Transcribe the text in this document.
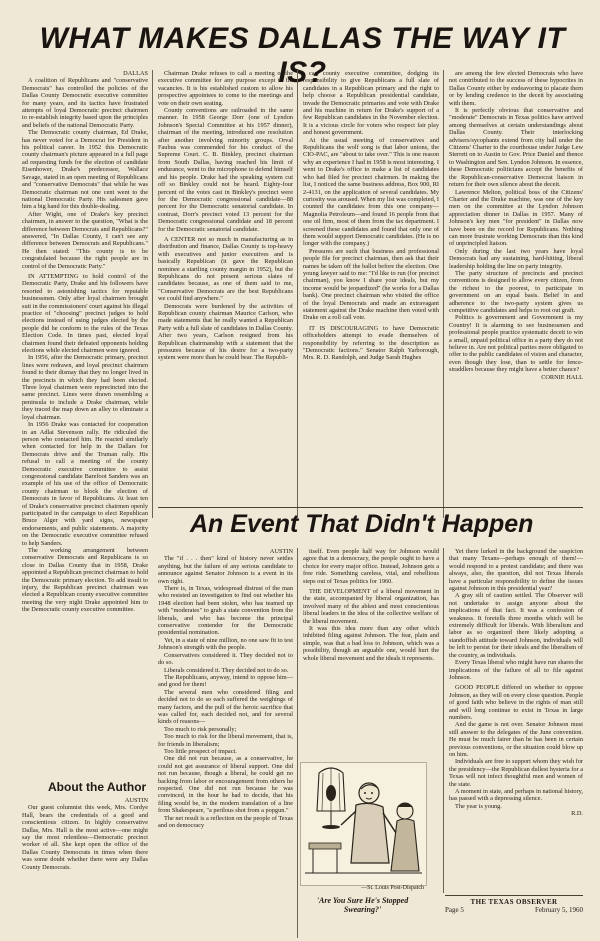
WHAT MAKES DALLAS THE WAY IT IS?

DALLAS

A coalition of Republicans and "conservative Democrats" has controlled the policies of the Dallas County Democratic executive committee for many years, and its tactics have frustrated attempts of loyal Democratic precinct chairmen to re-establish integrity based upon the principles and beliefs of the national Democratic Party.

The Democratic county chairman, Ed Drake, has never voted for a Democrat for President in his political career. In 1952 this Democratic county chairman's picture appeared in a full page ad requesting funds for the election of candidate Eisenhower, Drake's predecessor, Wallace Savage, stated in an open meeting of Republicans and "conservative Democrats" that while he was Democratic chairman not one cent went to the national Democratic Party. His salesmen gave him a big hand for this double-dealing.

After Wight, one of Drake's key precinct chairmen, in answer to the question, "What is the difference between Democrats and Republicans?" answered, "In Dallas County, I can't see any difference between Democrats and Republicans." He then stated: "This county is to be congratulated because the right people are in control of the Democratic Party."

IN ATTEMPTING to hold control of the Democratic Party, Drake and his followers have resorted to astonishing tactics for reputable businessmen. Only after loyal chairmen brought suit in the commissioners' court against his illegal practice of "choosing" precinct judges to hold elections instead of using judges elected by the people did he conform to the rules of the Texas Election Code. In times past, elected loyal chairmen found their defeated opponents holding elections while elected chairmen were ignored.

In 1956, after the Democratic primary, precinct lines were redrawn, and loyal precinct chairmen found to their dismay that they no longer lived in the precincts in which they had been elected. Three loyal chairmen were reprecincted into the same precinct. Lines were drawn resembling a peninsula to include a Drake chairman, while they traced the map down an alley to eliminate a loyal chairman.

In 1956 Drake was contacted for cooperation in an Adlai Stevenson rally. He ridiculed the person who contacted him. He reacted similarly when contacted for help in the Dallars for Democrats drive and the Truman rally. His refusal to call a meeting of the county Democratic executive committee to assist congressional candidate Barefoot Sanders was an example of his use of the office of Democratic county chairman to block the election of Democrats in favor of Republicans. At least ten of Drake's conservative precinct chairmen openly participated in the campaign to elect Republican Bruce Alger with yard signs, newspaper endorsements, and public statements. A majority on the Democratic executive committee refused to help Sanders.

The working arrangement between conservative Democrats and Republicans is so close in Dallas County that in 1958, Drake appointed a Republican precinct chairman to hold the Democratic primary election. To add insult to injury, the Republican precinct chairman was elected a Republican county executive committee meeting the very night Drake appointed him to the Democratic county executive committee.

Chairman Drake refuses to call a meeting of the executive committee for any purpose except to fill vacancies. It is his established custom to allow his prospective appointees to come to the meetings and vote on their own seating.

County conventions are railroaded in the same manner. In 1958 George Dorr (one of Lyndon Johnson's Special Committee at his 1957 dinner), chairman of the meeting, introduced one resolution after another involving minority groups. Orval Faubus was commended for his conduct of the Supreme Court. C. B. Binkley, precinct chairman from South Dallas, having reached his limit of endurance, went to the microphone to defend himself and his people. Drake had the speaking system cut off so Binkley could not be heard. Eighty-four percent of the votes cast in Binkley's precinct were for the Democratic congressional candidate—88 percent for the Democratic senatorial candidate. In contrast, Dorr's precinct voted 13 percent for the Democratic congressional candidate and 18 percent for the Democratic senatorial candidate.

A CENTER not so much in manufacturing as in distribution and finance, Dallas County is top-heavy with executives and junior executives and is basically Republican (it gave the Republican nominee a startling county margin in 1952), but the Republicans do not present serious slates of candidates because, as one of them said to me, "Conservative Democrats are the best Republicans we could find anywhere."

Democrats were burdened by the activities of Republican county chairman Maurice Carlson, who made statements that he really wanted a Republican Party with a full slate of candidates in Dallas County. After two years, Carlson resigned from his Republican chairmanship with a statement that the pressures because of his desire for a two-party system were more than he could bear. The Republi-

can county executive committee, dodging its responsibility to give Republicans a full slate of candidates in a Republican primary and the right to help choose a Republican presidential candidate, invade the Democratic primaries and vote with Drake and his machine in return for Drake's support of a few Republican candidates in the November election. It is a vicious circle for voters who respect fair play and honest government.

At the usual meeting of conservatives and Republicans the wolf song is that labor unions, the CIO-PAC, are "about to take over." This is one reason why an experience I had in 1958 is most interesting. I went to Drake's office to make a list of candidates who had filed for precinct chairmen. In making the list, I noticed the same business address, Box 900, RI 2-4131, on the application of several candidates. My curiosity was aroused. When my list was completed, I counted the candidates from this one company—Magnolia Petroleum—and found 16 people from that one oil firm, most of them from the tax department. I screened these candidates and found that only one of them would support Democratic candidates. (He is no longer with the company.)

Pressures are such that business and professional people file for precinct chairman, then ask that their names be taken off the ballot before the election. One young lawyer said to me: "I'd like to run (for precinct chairman), you know I share your ideals, but my income would be jeopardized" (he works for a Dallas bank). One precinct chairman who visited the office of the loyal Democrats and made an extravagant statement against the Drake machine then voted with Drake on a roll call vote.

IT IS DISCOURAGING to have Democratic officeholders attempt to evade themselves of responsibility by referring to the description as "Democratic factions." Senator Ralph Yarborough, Mrs. R. D. Randolph, and Judge Sarah Hughes

are among the few elected Democrats who have not contributed to the success of these hypocrites in Dallas County either by endeavoring to placate them or by lending credence to the deceit by associating with them.

It is perfectly obvious that conservative and "moderate" Democrats in Texas politics have arrived among themselves at certain understandings about Dallas County. Their interlocking advisers/sycophants extend from city hall under the Citizens' Charter to the courthouse under Judge Lew Sterrett on to Austin to Gov. Price Daniel and thence to Washington and Sen. Lyndon Johnson. In essence, these Democratic politicians accept the benefits of the Republican-conservative Democrat liaison in return for their own silence about the deceit.

Lawrence Melton, political boss of the Citizens' Charter and the Drake machine, was one of the key men on the committee at the Lyndon Johnson appreciation dinner in Dallas in 1957. Many of Johnson's key men "for president" in Dallas now have been on the record for Republicans. Nothing can more frustrate working Democrats than this kind of unprincipled liaison.

Only during the last two years have loyal Democrats had any sustaining, hard-hitting, liberal leadership holding the line on party integrity.

The party structure of precincts and precinct conventions is designed to allow every citizen, from the richest to the poorest, to participate in government on an equal basis. Belief in and adherence to the two-party system gives us competitive candidates and helps to root out graft.

Politics is government and Government is my Country! It is alarming to see businessmen and professional people practice systematic deceit to win a small, unpaid political office in a party they do not believe in. Are not political parties more obligated to offer to the public candidates of vision and character, even though they lose, than to settle for fence-straddlers because they might have a better chance?

CORNIE HALL
An Event That Didn't Happen

AUSTIN

The "if . . . then" kind of history never settles anything, but the failure of any serious candidate to announce against Senator Johnson is a event in its own right.

There is, in Texas, widespread distrust of the man who resisted an investigation to find out whether his 1948 election had been stolen, who has teamed up with "moderates" to grab a state convention from the liberals, and who has become the principal conservative contender for the Democratic presidential nomination.

Yet, in a state of nine million, no one saw fit to test Johnson's strength with the people.

Conservatives considered it. They decided not to do so.

Liberals considered it. They decided not to do so.

The Republicans, anyway, intend to oppose him—and good for them!

The several men who considered filing and decided not to do so each suffered the weighings of many factors, and the pull of the heroic sacrifice that was called for, each decided not, and for several kinds of reasons—

Too much to risk personally;

Too much to risk for the liberal movement, that is, for friends in liberalism;

Too little prospect of impact.

One did not run because, as a conservative, he could not get assurance of liberal support. One did not run because, though a liberal, he could get no backing from labor or encouragement from others he respected. One did not run because he was convinced, in the hour he had to decide, that his filing would be, in the modern translation of a line from Shakespeare, "a perilous shot from a popgun."

The net result is a reflection on the people of Texas and on democracy

itself. Even people half way for Johnson would agree that in a democracy, the people ought to have a choice for every major office. Instead, Johnson gets a free ride. Something careless, vital, and rebellious steps out of Texas politics for 1960.

THE DEVELOPMENT of a liberal movement in the state, accompanied by liberal organization, has involved many of the ablest and most conscientious liberal leaders in the idea of the collective welfare of the liberal movement.

It was this idea more than any other which inhibited filing against Johnson. The fear, plain and simple, was that a bad loss to Johnson, which was a possibility, though an arguable one, would hurt the whole liberal movement and the ideals it represents.

—St. Louis Post-Dispatch
'Are You Sure He's Stopped Swearing?'

Yet there lurked in the background the suspicion that many Texans—perhaps enough of them!—would respond to a protest candidate; and there was always, also, the question, did not Texas liberals have a particular responsibility to define the issues against Johnson in this presidential year?

A gray silt of caution settled. The Observer will not undertake to assign anyone about the implications of that fact. It was a confession of weakness. It foretells three months which will be extremely difficult for liberals. With liberalism and labor as so organized there likely adopting a standoffish attitude toward Johnson, individuals will be left to persist for their ideals and the liberalism of the country, as individuals.

Every Texas liberal who might have run shares the implications of the failure of all to file against Johnson.

GOOD PEOPLE differed on whether to oppose Johnson, as they will on every close question. People of good faith who believe in the rights of man still and will long continue to exist in Texas in large numbers.

And the game is not over. Senator Johnson must still answer to the delegates of the June convention. He must be much fairer than he has been in certain previous conventions, or the situation could blow up on him.

Individuals are free to support whom they wish for the presidency—the Republican dullest hysteria for a Texas will not infect thoughtful men and women of the state.

A moment in state, and perhaps in national history, has passed with a depressing silence.

The year is young.

R.D.
About the Author

AUSTIN

Our guest columnist this week, Mrs. Cordye Hall, bears the credentials of a good and conscientious citizen. In highly conservative Dallas, Mrs. Hall is the most active—one might say the most relentless—Democratic precinct worker of all. She kept open the office of the Dallas County Democrats in times when there was some doubt whether there were any Dallas County Democrats.

THE TEXAS OBSERVER
Page 5	February 5, 1960
